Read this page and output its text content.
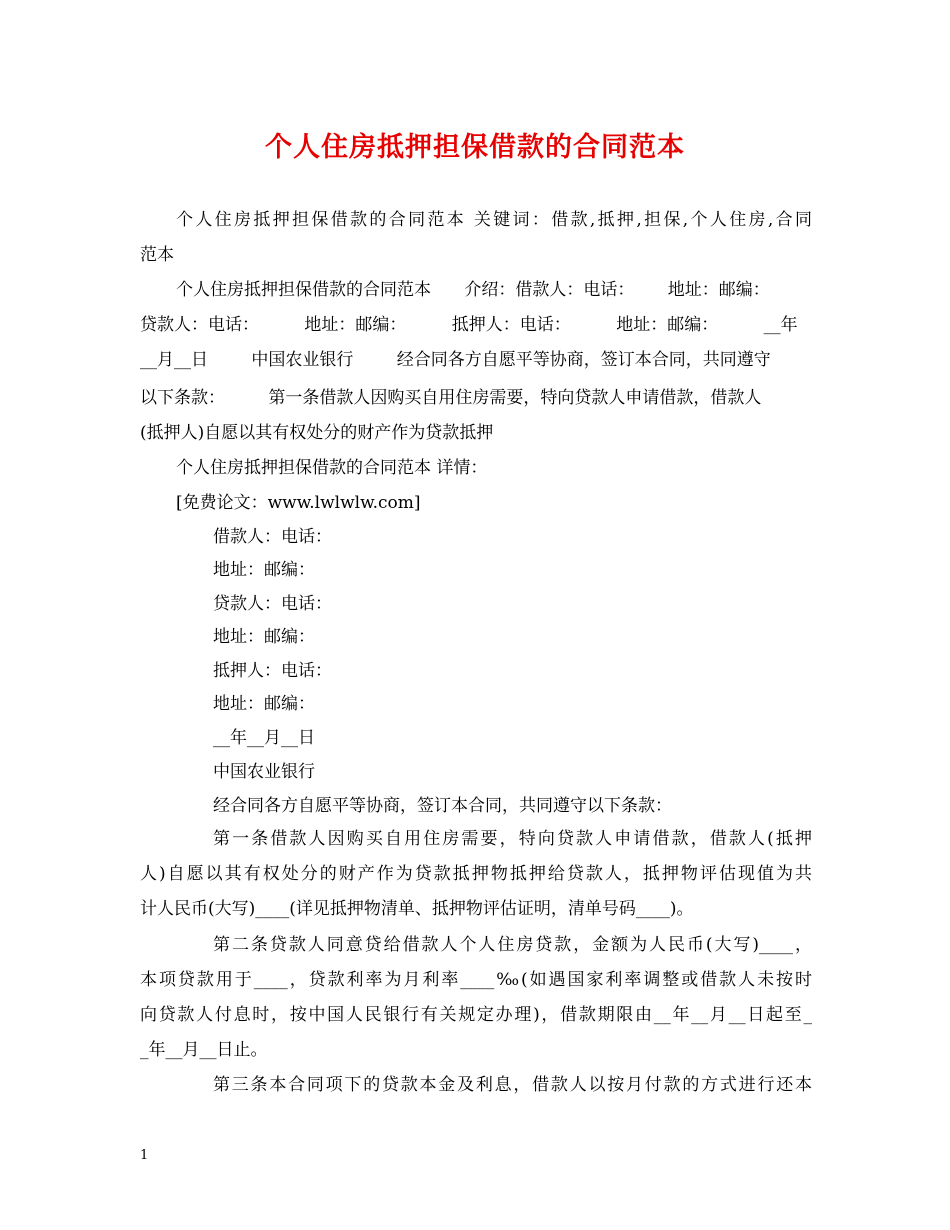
个人住房抵押担保借款的合同范本

个人住房抵押担保借款的合同范本 关键词：借款,抵押,担保,个人住房,合同

范本

个人住房抵押担保借款的合同范本 介绍：借款人：电话： 地址：邮编：

贷款人：电话： 地址：邮编： 抵押人：电话： 地址：邮编： __年

__月__日 中国农业银行 经合同各方自愿平等协商，签订本合同，共同遵守

以下条款： 第一条借款人因购买自用住房需要，特向贷款人申请借款，借款人

(抵押人)自愿以其有权处分的财产作为贷款抵押

个人住房抵押担保借款的合同范本 详情：

[免费论文：www.lwlwlw.com]

借款人：电话：

地址：邮编：

贷款人：电话：

地址：邮编：

抵押人：电话：

地址：邮编：

__年__月__日

中国农业银行

经合同各方自愿平等协商，签订本合同，共同遵守以下条款：

第一条借款人因购买自用住房需要，特向贷款人申请借款，借款人(抵押

人)自愿以其有权处分的财产作为贷款抵押物抵押给贷款人，抵押物评估现值为共

计人民币(大写)____(详见抵押物清单、抵押物评估证明，清单号码____)。

第二条贷款人同意贷给借款人个人住房贷款，金额为人民币(大写)____，

本项贷款用于____，贷款利率为月利率____‰(如遇国家利率调整或借款人未按时

向贷款人付息时，按中国人民银行有关规定办理)，借款期限由__年__月__日起至_

_年__月__日止。

第三条本合同项下的贷款本金及利息，借款人以按月付款的方式进行还本

1
